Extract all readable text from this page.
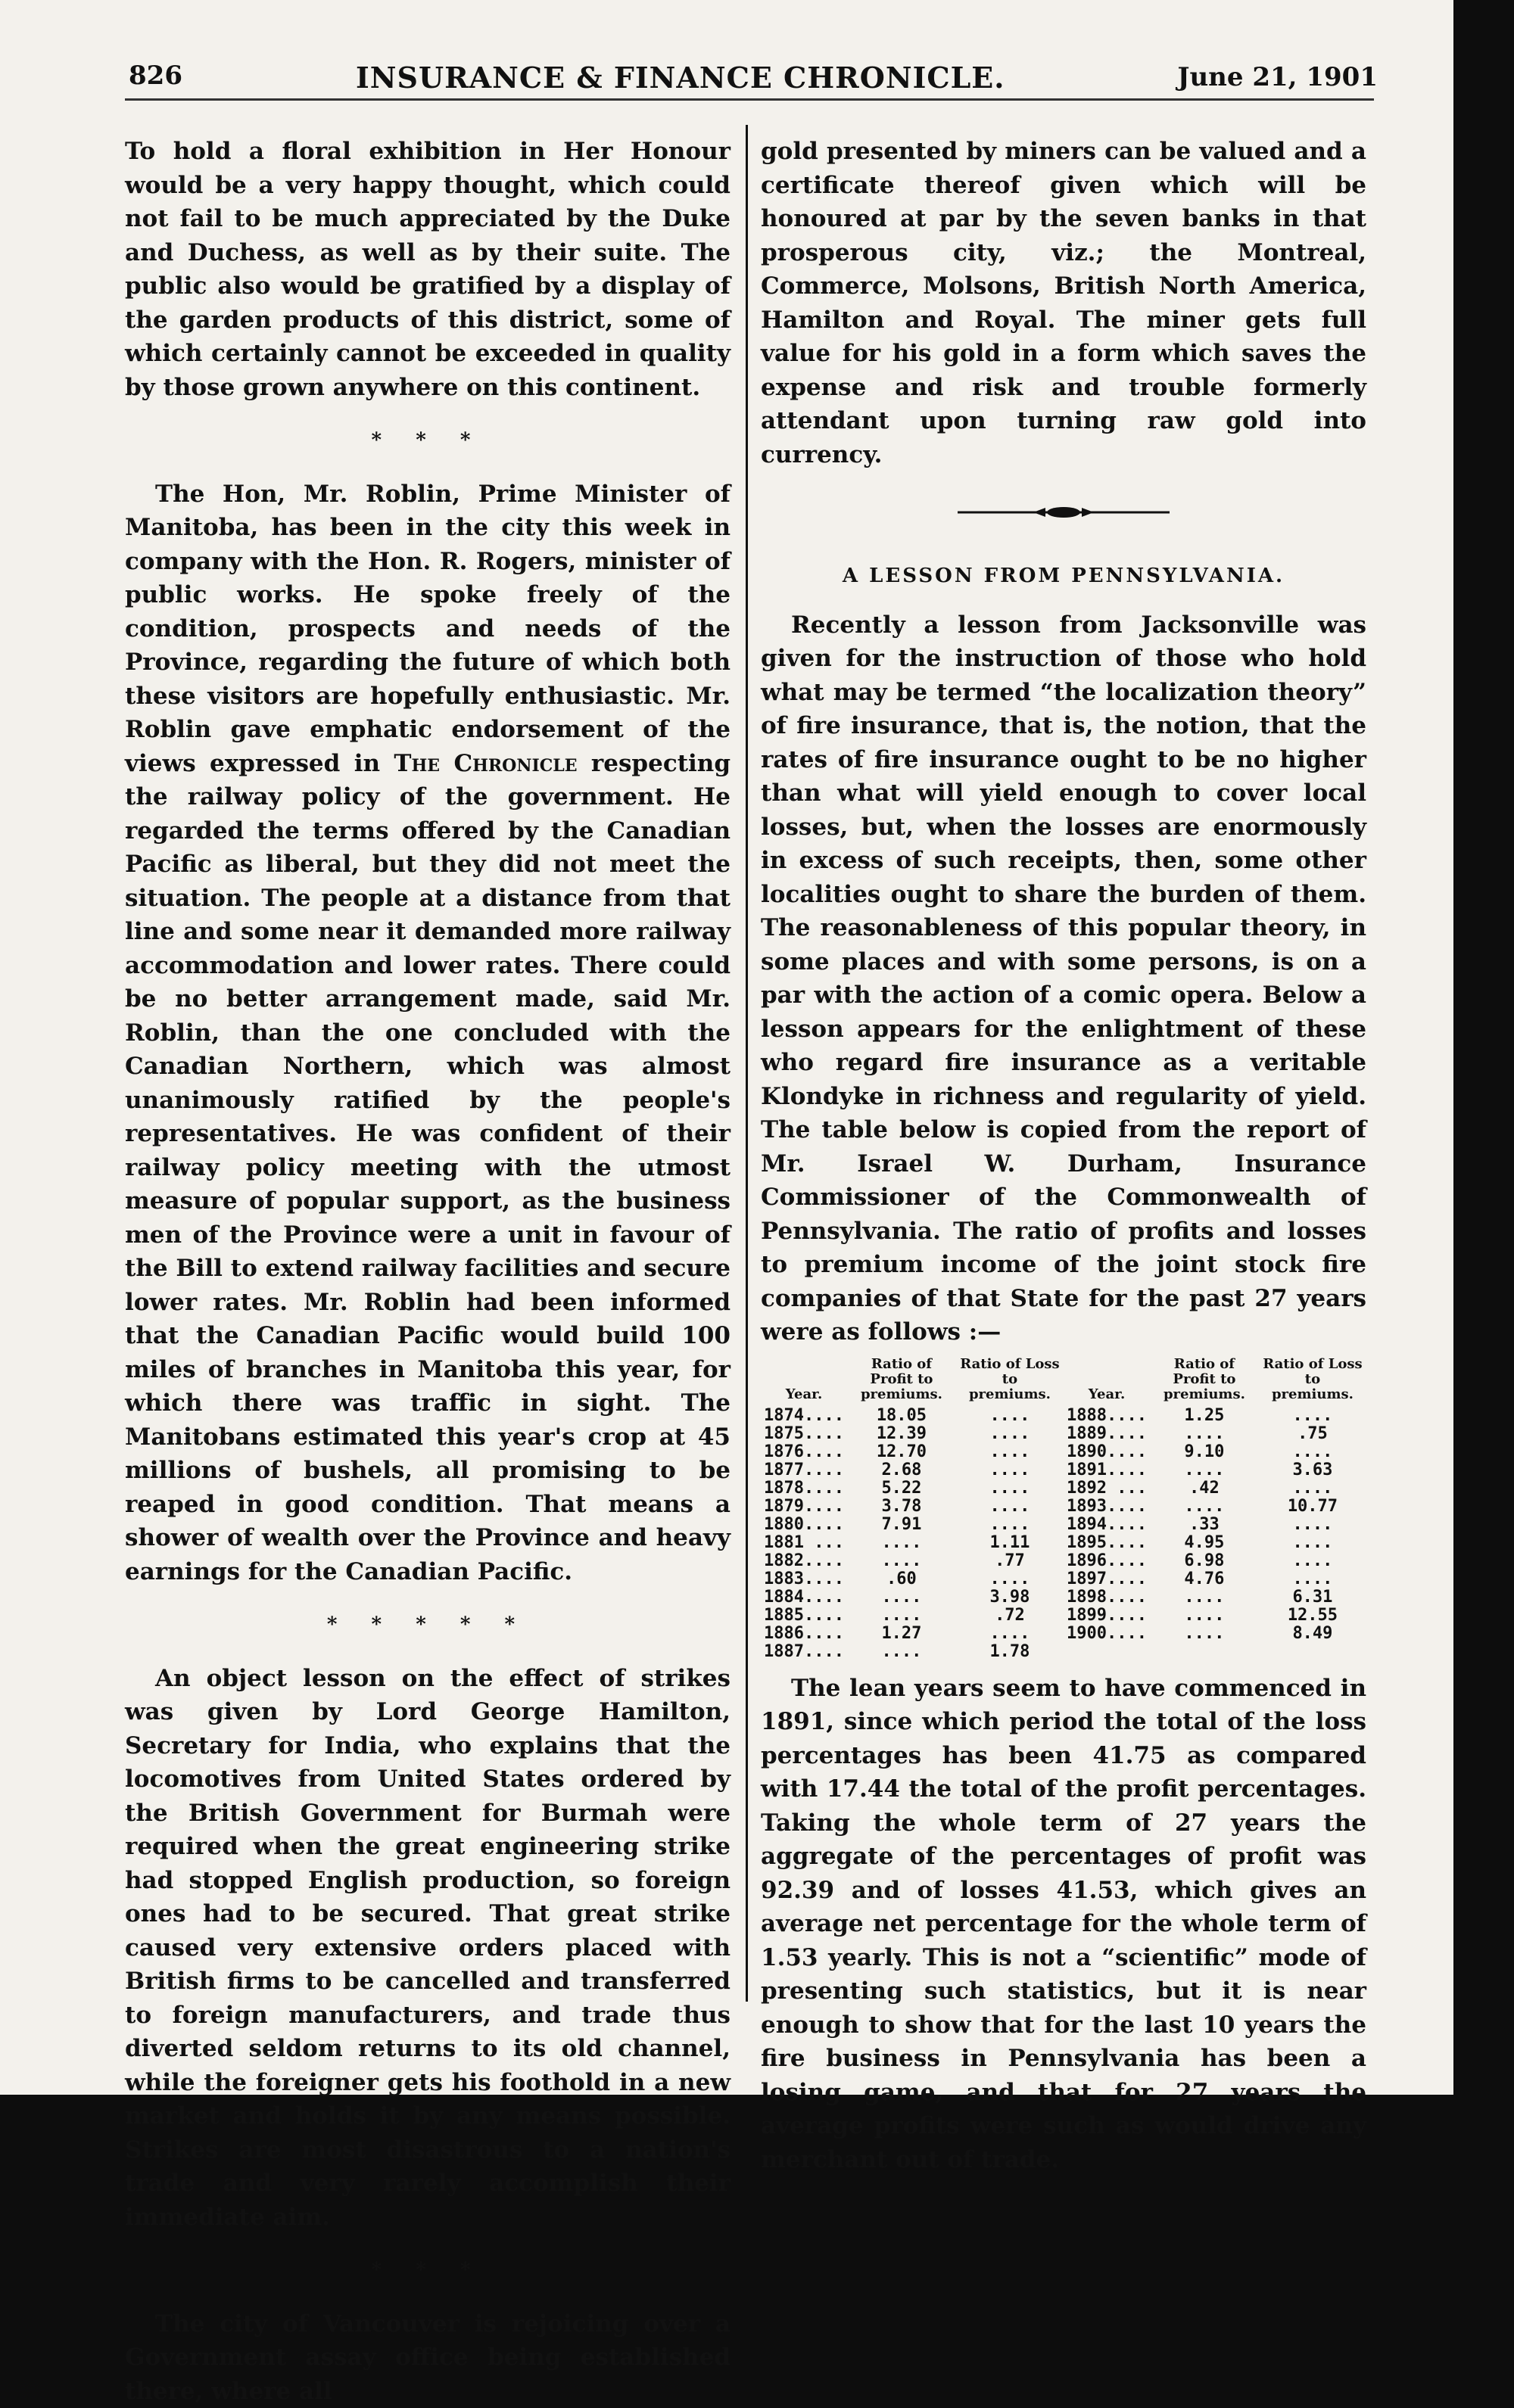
826	INSURANCE & FINANCE CHRONICLE.	June 21, 1901

To hold a floral exhibition in Her Honour would be a very happy thought, which could not fail to be much appreciated by the Duke and Duchess, as well as by their suite. The public also would be gratified by a display of the garden products of this district, some of which certainly cannot be exceeded in quality by those grown anywhere on this continent.

* * *

The Hon, Mr. Roblin, Prime Minister of Manitoba, has been in the city this week in company with the Hon. R. Rogers, minister of public works. He spoke freely of the condition, prospects and needs of the Province, regarding the future of which both these visitors are hopefully enthusiastic. Mr. Roblin gave emphatic endorsement of the views expressed in The Chronicle respecting the railway policy of the government. He regarded the terms offered by the Canadian Pacific as liberal, but they did not meet the situation. The people at a distance from that line and some near it demanded more railway accommodation and lower rates. There could be no better arrangement made, said Mr. Roblin, than the one concluded with the Canadian Northern, which was almost unanimously ratified by the people's representatives. He was confident of their railway policy meeting with the utmost measure of popular support, as the business men of the Province were a unit in favour of the Bill to extend railway facilities and secure lower rates. Mr. Roblin had been informed that the Canadian Pacific would build 100 miles of branches in Manitoba this year, for which there was traffic in sight. The Manitobans estimated this year's crop at 45 millions of bushels, all promising to be reaped in good condition. That means a shower of wealth over the Province and heavy earnings for the Canadian Pacific.

* * * * *

An object lesson on the effect of strikes was given by Lord George Hamilton, Secretary for India, who explains that the locomotives from United States ordered by the British Government for Burmah were required when the great engineering strike had stopped English production, so foreign ones had to be secured. That great strike caused very extensive orders placed with British firms to be cancelled and transferred to foreign manufacturers, and trade thus diverted seldom returns to its old channel, while the foreigner gets his foothold in a new market and holds it by any means possible. Strikes are most disastrous to a nation's trade and very rarely accomplish their immediate aim.

* * *

The city of Vancouver is rejoicing over a Government assay office being established there, where all

gold presented by miners can be valued and a certificate thereof given which will be honoured at par by the seven banks in that prosperous city, viz.; the Montreal, Commerce, Molsons, British North America, Hamilton and Royal. The miner gets full value for his gold in a form which saves the expense and risk and trouble formerly attendant upon turning raw gold into currency.

A LESSON FROM PENNSYLVANIA.

Recently a lesson from Jacksonville was given for the instruction of those who hold what may be termed “the localization theory” of fire insurance, that is, the notion, that the rates of fire insurance ought to be no higher than what will yield enough to cover local losses, but, when the losses are enormously in excess of such receipts, then, some other localities ought to share the burden of them. The reasonableness of this popular theory, in some places and with some persons, is on a par with the action of a comic opera. Below a lesson appears for the enlightment of these who regard fire insurance as a veritable Klondyke in richness and regularity of yield. The table below is copied from the report of Mr. Israel W. Durham, Insurance Commissioner of the Commonwealth of Pennsylvania. The ratio of profits and losses to premium income of the joint stock fire companies of that State for the past 27 years were as follows :—

Year.	Ratio of Profit to premiums.	Ratio of Loss to premiums.	Year.	Ratio of Profit to premiums.	Ratio of Loss to premiums.
1874....	18.05	....	1888....	1.25	....
1875....	12.39	....	1889....	....	.75
1876....	12.70	....	1890....	9.10	....
1877....	2.68	....	1891....	....	3.63
1878....	5.22	....	1892 ...	.42	....
1879....	3.78	....	1893....	....	10.77
1880....	7.91	....	1894....	.33	....
1881 ...	....	1.11	1895....	4.95	....
1882....	....	.77	1896....	6.98	....
1883....	.60	....	1897....	4.76	....
1884....	....	3.98	1898....	....	6.31
1885....	....	.72	1899....	....	12.55
1886....	1.27	....	1900....	....	8.49
1887....	....	1.78			

The lean years seem to have commenced in 1891, since which period the total of the loss percentages has been 41.75 as compared with 17.44 the total of the profit percentages. Taking the whole term of 27 years the aggregate of the percentages of profit was 92.39 and of losses 41.53, which gives an average net percentage for the whole term of 1.53 yearly. This is not a “scientific” mode of presenting such statistics, but it is near enough to show that for the last 10 years the fire business in Pennsylvania has been a losing game, and that for 27 years the average profits were such as would drive any merchant out of trade.
